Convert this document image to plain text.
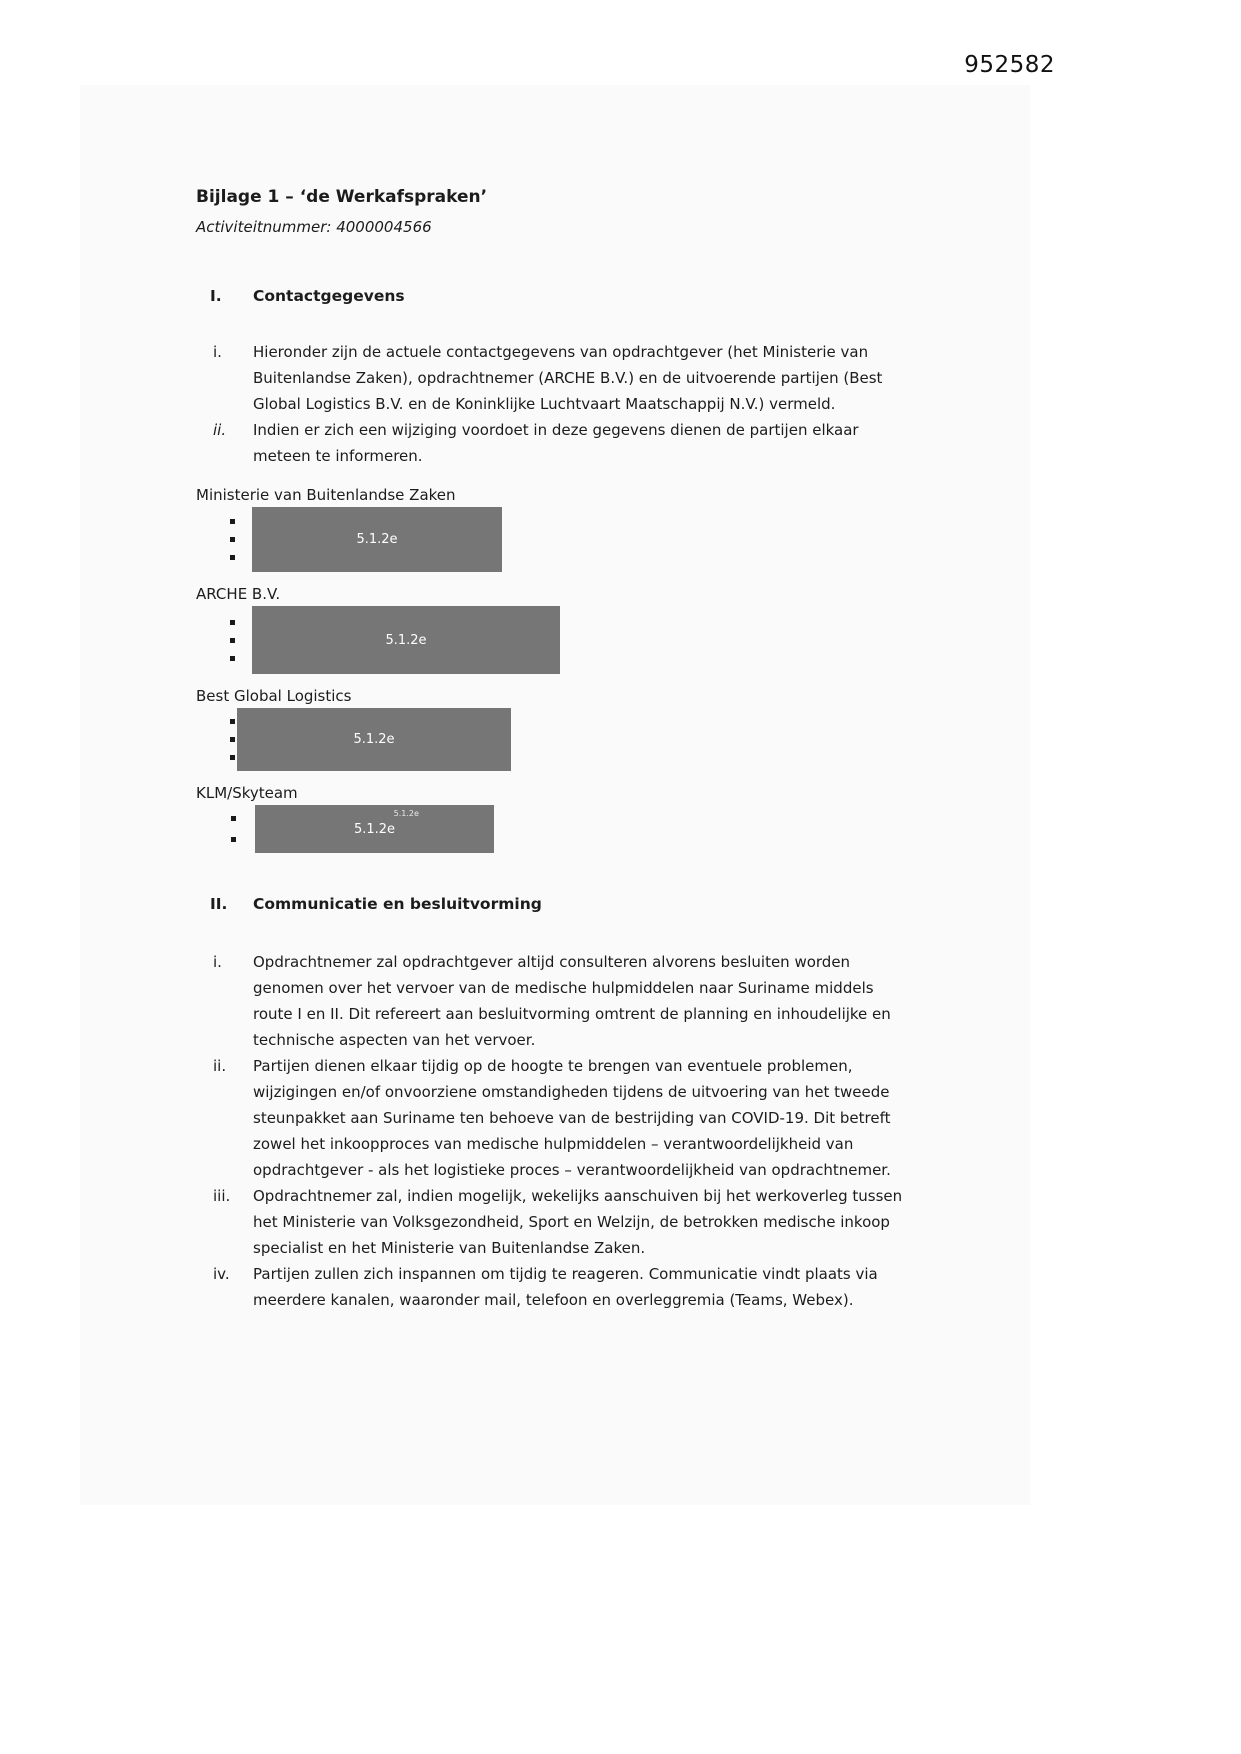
952582
Bijlage 1 – ‘de Werkafspraken’
Activiteitnummer: 4000004566
I.	Contactgegevens
i.	Hieronder zijn de actuele contactgegevens van opdrachtgever (het Ministerie van Buitenlandse Zaken), opdrachtnemer (ARCHE B.V.) en de uitvoerende partijen (Best Global Logistics B.V. en de Koninklijke Luchtvaart Maatschappij N.V.) vermeld.
ii.	Indien er zich een wijziging voordoet in deze gegevens dienen de partijen elkaar meteen te informeren.
Ministerie van Buitenlandse Zaken
5.1.2e
ARCHE B.V.
5.1.2e
Best Global Logistics
5.1.2e
KLM/Skyteam
5.1.2e
5.1.2e
II.	Communicatie en besluitvorming
i.	Opdrachtnemer zal opdrachtgever altijd consulteren alvorens besluiten worden genomen over het vervoer van de medische hulpmiddelen naar Suriname middels route I en II. Dit refereert aan besluitvorming omtrent de planning en inhoudelijke en technische aspecten van het vervoer.
ii.	Partijen dienen elkaar tijdig op de hoogte te brengen van eventuele problemen, wijzigingen en/of onvoorziene omstandigheden tijdens de uitvoering van het tweede steunpakket aan Suriname ten behoeve van de bestrijding van COVID-19. Dit betreft zowel het inkoopproces van medische hulpmiddelen – verantwoordelijkheid van opdrachtgever - als het logistieke proces – verantwoordelijkheid van opdrachtnemer.
iii.	Opdrachtnemer zal, indien mogelijk, wekelijks aanschuiven bij het werkoverleg tussen het Ministerie van Volksgezondheid, Sport en Welzijn, de betrokken medische inkoop specialist en het Ministerie van Buitenlandse Zaken.
iv.	Partijen zullen zich inspannen om tijdig te reageren. Communicatie vindt plaats via meerdere kanalen, waaronder mail, telefoon en overleggremia (Teams, Webex).
